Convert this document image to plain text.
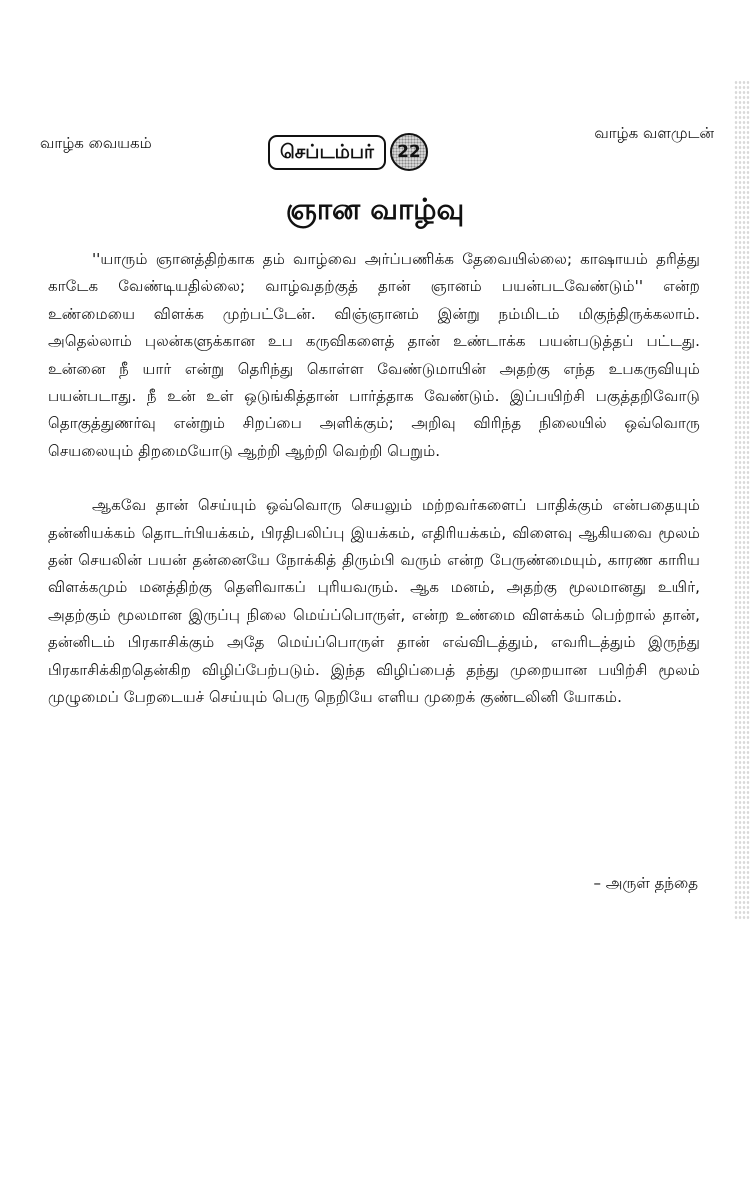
வாழ்க வையகம்	செப்டம்பர்	22
வாழ்க வளமுடன்
ஞான வாழ்வு

''யாரும் ஞானத்திற்காக தம் வாழ்வை அர்ப்பணிக்க தேவையில்லை; காஷாயம் தரித்து காடேக வேண்டியதில்லை; வாழ்வதற்குத் தான் ஞானம் பயன்படவேண்டும்'' என்ற உண்மையை விளக்க முற்பட்டேன். விஞ்ஞானம் இன்று நம்மிடம் மிகுந்திருக்கலாம். அதெல்லாம் புலன்களுக்கான உப கருவிகளைத் தான் உண்டாக்க பயன்படுத்தப் பட்டது. உன்னை நீ யார் என்று தெரிந்து கொள்ள வேண்டுமாயின் அதற்கு எந்த உபகருவியும் பயன்படாது. நீ உன் உள் ஒடுங்கித்தான் பார்த்தாக வேண்டும். இப்பயிற்சி பகுத்தறிவோடு தொகுத்துணர்வு என்றும் சிறப்பை அளிக்கும்; அறிவு விரிந்த நிலையில் ஒவ்வொரு செயலையும் திறமையோடு ஆற்றி ஆற்றி வெற்றி பெறும்.

ஆகவே தான் செய்யும் ஒவ்வொரு செயலும் மற்றவர்களைப் பாதிக்கும் என்பதையும் தன்னியக்கம் தொடர்பியக்கம், பிரதிபலிப்பு இயக்கம், எதிரியக்கம், விளைவு ஆகியவை மூலம் தன் செயலின் பயன் தன்னையே நோக்கித் திரும்பி வரும் என்ற பேருண்மையும், காரண காரிய விளக்கமும் மனத்திற்கு தெளிவாகப் புரியவரும். ஆக மனம், அதற்கு மூலமானது உயிர், அதற்கும் மூலமான இருப்பு நிலை மெய்ப்பொருள், என்ற உண்மை விளக்கம் பெற்றால் தான், தன்னிடம் பிரகாசிக்கும் அதே மெய்ப்பொருள் தான் எவ்விடத்தும், எவரிடத்தும் இருந்து பிரகாசிக்கிறதென்கிற விழிப்பேற்படும். இந்த விழிப்பைத் தந்து முறையான பயிற்சி மூலம் முழுமைப் பேறடையச் செய்யும் பெரு நெறியே எளிய முறைக் குண்டலினி யோகம்.

– அருள் தந்தை
